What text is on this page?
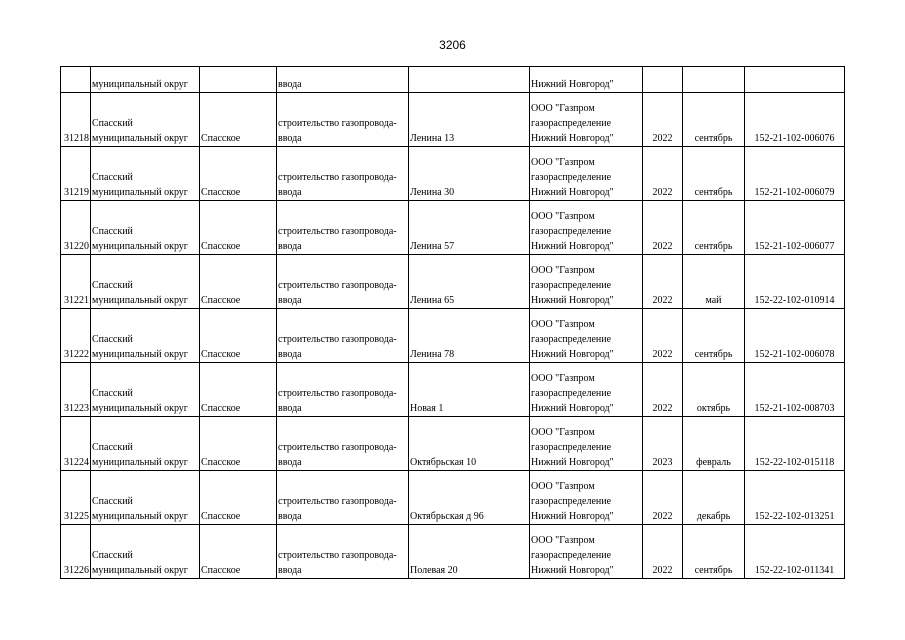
3206
	муниципальный округ		ввода		Нижний Новгород"			
31218	Спасский
муниципальный округ	Спасское	строительство газопровода-
ввода	Ленина 13	ООО "Газпром
газораспределение
Нижний Новгород"	2022	сентябрь	152-21-102-006076
31219	Спасский
муниципальный округ	Спасское	строительство газопровода-
ввода	Ленина 30	ООО "Газпром
газораспределение
Нижний Новгород"	2022	сентябрь	152-21-102-006079
31220	Спасский
муниципальный округ	Спасское	строительство газопровода-
ввода	Ленина 57	ООО "Газпром
газораспределение
Нижний Новгород"	2022	сентябрь	152-21-102-006077
31221	Спасский
муниципальный округ	Спасское	строительство газопровода-
ввода	Ленина 65	ООО "Газпром
газораспределение
Нижний Новгород"	2022	май	152-22-102-010914
31222	Спасский
муниципальный округ	Спасское	строительство газопровода-
ввода	Ленина 78	ООО "Газпром
газораспределение
Нижний Новгород"	2022	сентябрь	152-21-102-006078
31223	Спасский
муниципальный округ	Спасское	строительство газопровода-
ввода	Новая 1	ООО "Газпром
газораспределение
Нижний Новгород"	2022	октябрь	152-21-102-008703
31224	Спасский
муниципальный округ	Спасское	строительство газопровода-
ввода	Октябрьская 10	ООО "Газпром
газораспределение
Нижний Новгород"	2023	февраль	152-22-102-015118
31225	Спасский
муниципальный округ	Спасское	строительство газопровода-
ввода	Октябрьская д 96	ООО "Газпром
газораспределение
Нижний Новгород"	2022	декабрь	152-22-102-013251
31226	Спасский
муниципальный округ	Спасское	строительство газопровода-
ввода	Полевая 20	ООО "Газпром
газораспределение
Нижний Новгород"	2022	сентябрь	152-22-102-011341
